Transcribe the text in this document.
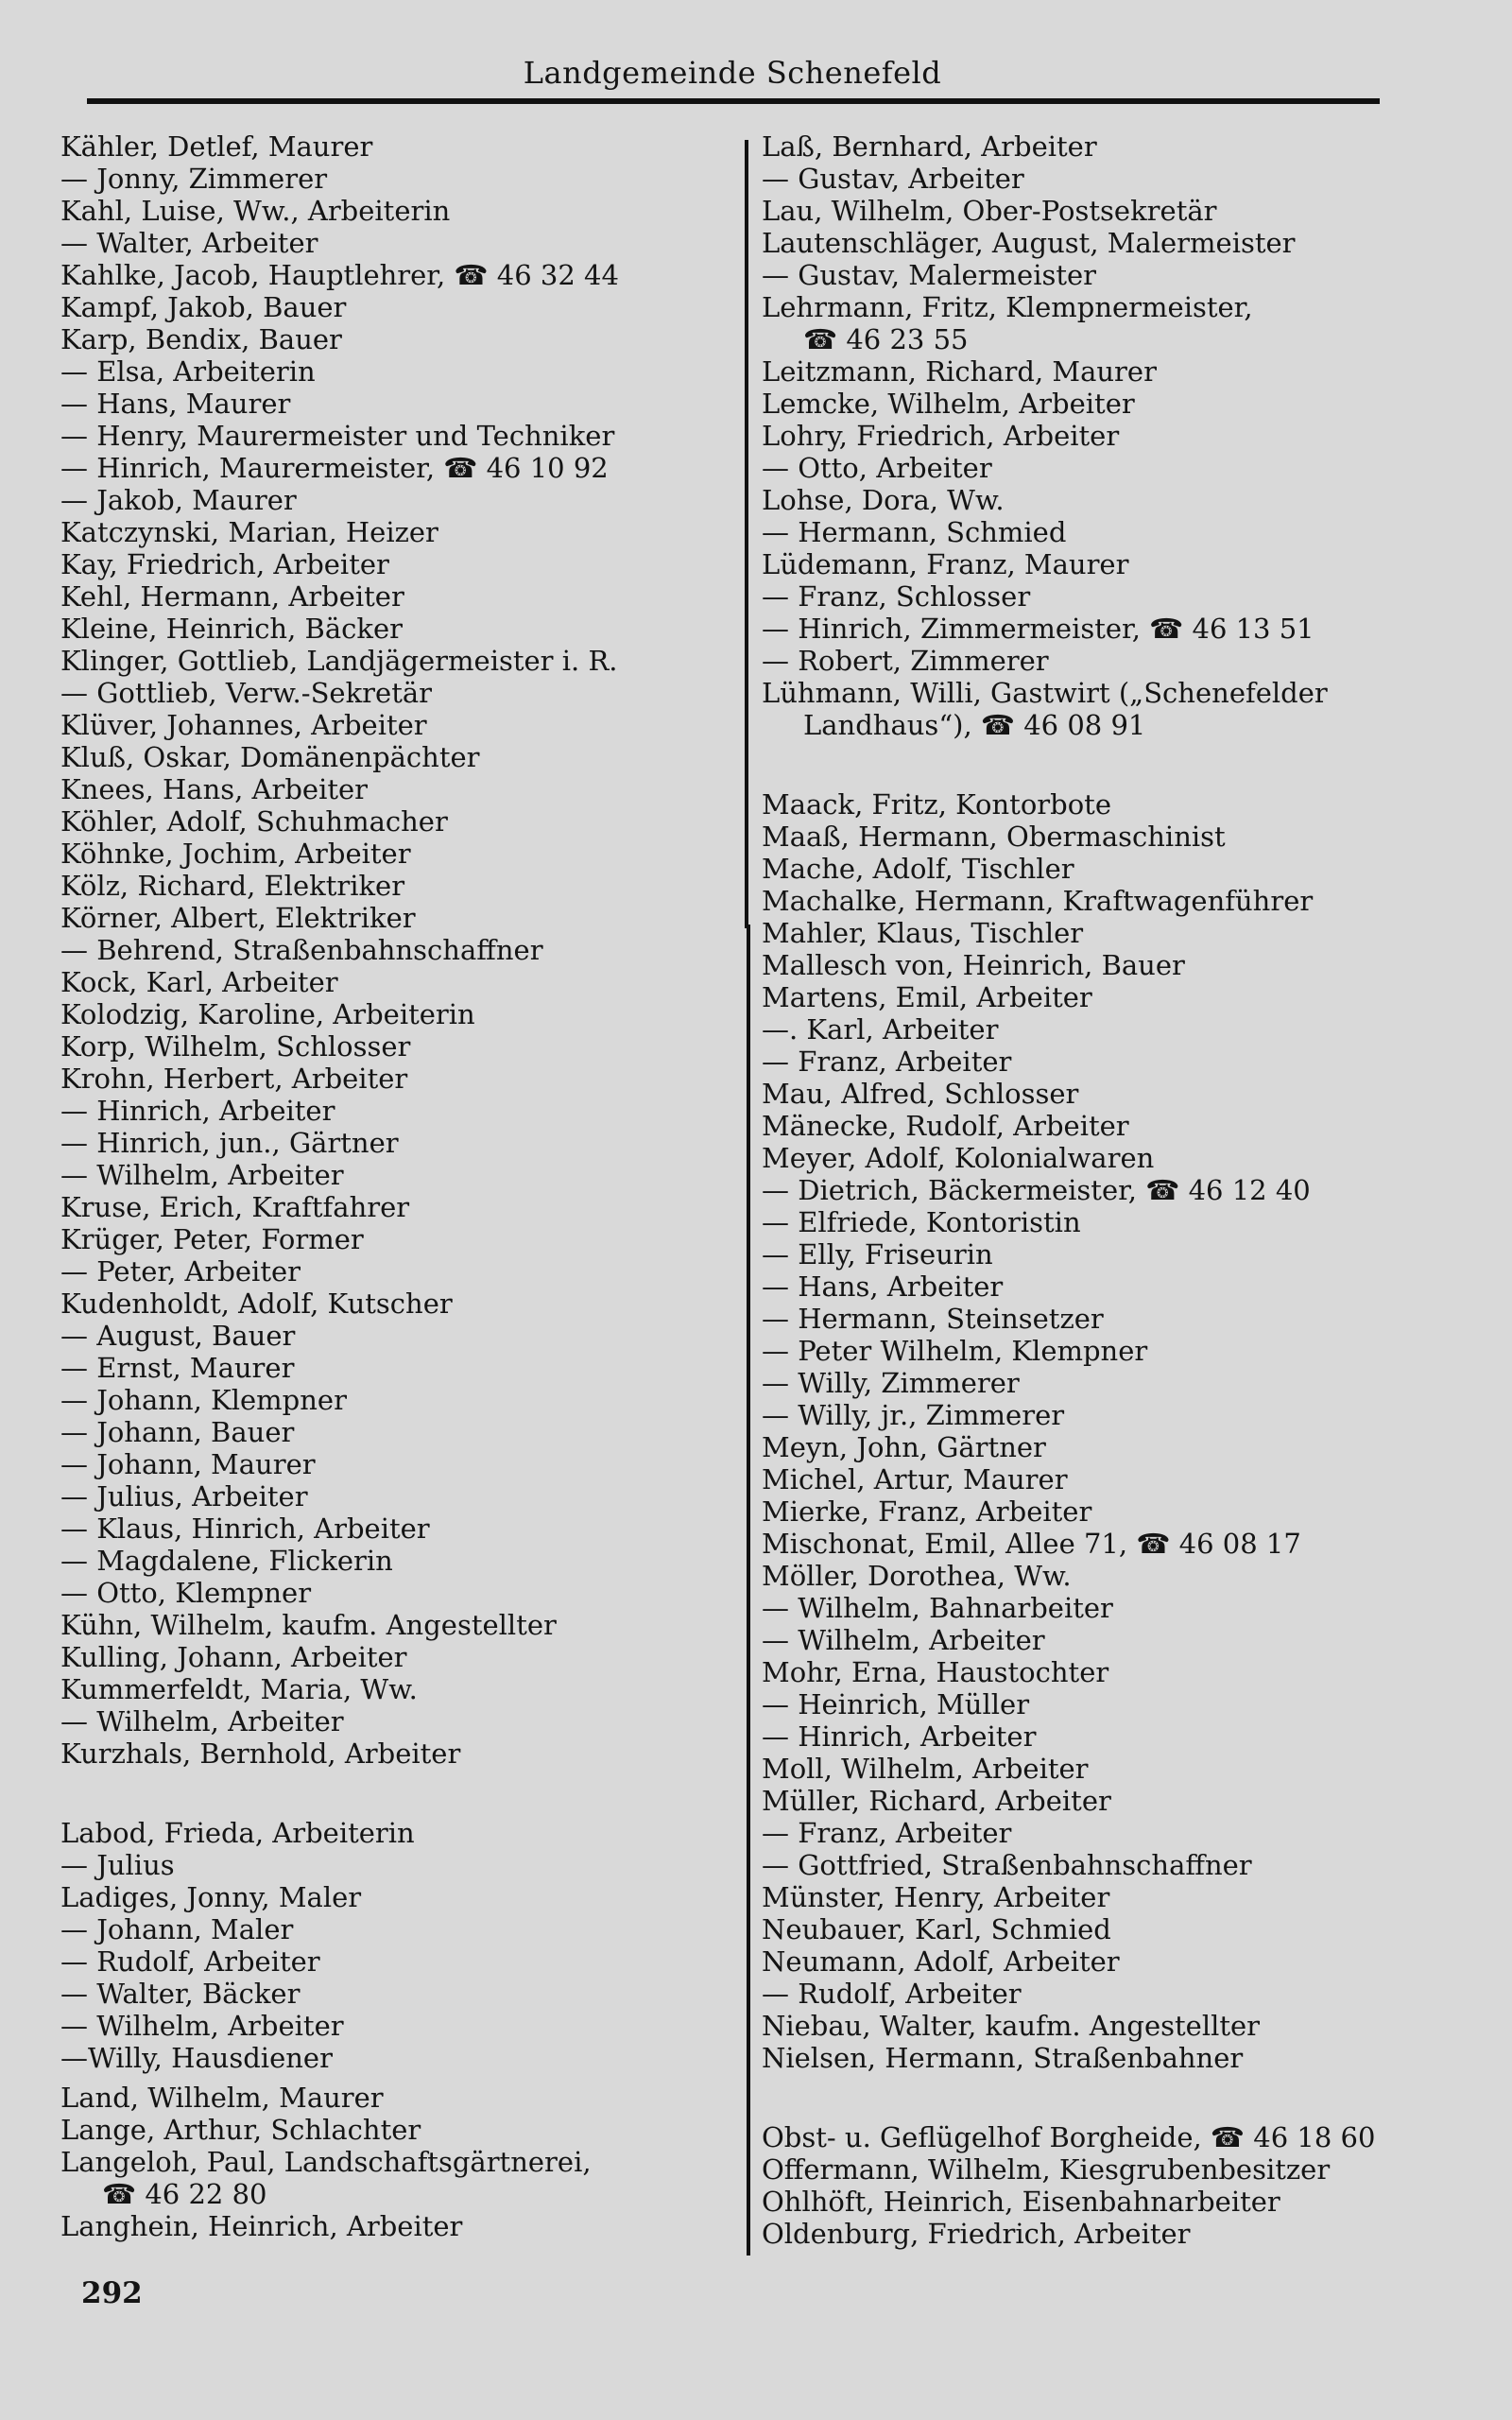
Landgemeinde Schenefeld
Kähler, Detlef, Maurer
— Jonny, Zimmerer
Kahl, Luise, Ww., Arbeiterin
— Walter, Arbeiter
Kahlke, Jacob, Hauptlehrer, ☎ 46 32 44
Kampf, Jakob, Bauer
Karp, Bendix, Bauer
— Elsa, Arbeiterin
— Hans, Maurer
— Henry, Maurermeister und Techniker
— Hinrich, Maurermeister, ☎ 46 10 92
— Jakob, Maurer
Katczynski, Marian, Heizer
Kay, Friedrich, Arbeiter
Kehl, Hermann, Arbeiter
Kleine, Heinrich, Bäcker
Klinger, Gottlieb, Landjägermeister i. R.
— Gottlieb, Verw.-Sekretär
Klüver, Johannes, Arbeiter
Kluß, Oskar, Domänenpächter
Knees, Hans, Arbeiter
Köhler, Adolf, Schuhmacher
Köhnke, Jochim, Arbeiter
Kölz, Richard, Elektriker
Körner, Albert, Elektriker
— Behrend, Straßenbahnschaffner
Kock, Karl, Arbeiter
Kolodzig, Karoline, Arbeiterin
Korp, Wilhelm, Schlosser
Krohn, Herbert, Arbeiter
— Hinrich, Arbeiter
— Hinrich, jun., Gärtner
— Wilhelm, Arbeiter
Kruse, Erich, Kraftfahrer
Krüger, Peter, Former
— Peter, Arbeiter
Kudenholdt, Adolf, Kutscher
— August, Bauer
— Ernst, Maurer
— Johann, Klempner
— Johann, Bauer
— Johann, Maurer
— Julius, Arbeiter
— Klaus, Hinrich, Arbeiter
— Magdalene, Flickerin
— Otto, Klempner
Kühn, Wilhelm, kaufm. Angestellter
Kulling, Johann, Arbeiter
Kummerfeldt, Maria, Ww.
— Wilhelm, Arbeiter
Kurzhals, Bernhold, Arbeiter
Labod, Frieda, Arbeiterin
— Julius
Ladiges, Jonny, Maler
— Johann, Maler
— Rudolf, Arbeiter
— Walter, Bäcker
— Wilhelm, Arbeiter
—Willy, Hausdiener
Land, Wilhelm, Maurer
Lange, Arthur, Schlachter
Langeloh, Paul, Landschaftsgärtnerei,
☎ 46 22 80
Langhein, Heinrich, Arbeiter
Laß, Bernhard, Arbeiter
— Gustav, Arbeiter
Lau, Wilhelm, Ober-Postsekretär
Lautenschläger, August, Malermeister
— Gustav, Malermeister
Lehrmann, Fritz, Klempnermeister,
☎ 46 23 55
Leitzmann, Richard, Maurer
Lemcke, Wilhelm, Arbeiter
Lohry, Friedrich, Arbeiter
— Otto, Arbeiter
Lohse, Dora, Ww.
— Hermann, Schmied
Lüdemann, Franz, Maurer
— Franz, Schlosser
— Hinrich, Zimmermeister, ☎ 46 13 51
— Robert, Zimmerer
Lühmann, Willi, Gastwirt („Schenefelder
Landhaus“), ☎ 46 08 91
Maack, Fritz, Kontorbote
Maaß, Hermann, Obermaschinist
Mache, Adolf, Tischler
Machalke, Hermann, Kraftwagenführer
Mahler, Klaus, Tischler
Mallesch von, Heinrich, Bauer
Martens, Emil, Arbeiter
—. Karl, Arbeiter
— Franz, Arbeiter
Mau, Alfred, Schlosser
Mänecke, Rudolf, Arbeiter
Meyer, Adolf, Kolonialwaren
— Dietrich, Bäckermeister, ☎ 46 12 40
— Elfriede, Kontoristin
— Elly, Friseurin
— Hans, Arbeiter
— Hermann, Steinsetzer
— Peter Wilhelm, Klempner
— Willy, Zimmerer
— Willy, jr., Zimmerer
Meyn, John, Gärtner
Michel, Artur, Maurer
Mierke, Franz, Arbeiter
Mischonat, Emil, Allee 71, ☎ 46 08 17
Möller, Dorothea, Ww.
— Wilhelm, Bahnarbeiter
— Wilhelm, Arbeiter
Mohr, Erna, Haustochter
— Heinrich, Müller
— Hinrich, Arbeiter
Moll, Wilhelm, Arbeiter
Müller, Richard, Arbeiter
— Franz, Arbeiter
— Gottfried, Straßenbahnschaffner
Münster, Henry, Arbeiter
Neubauer, Karl, Schmied
Neumann, Adolf, Arbeiter
— Rudolf, Arbeiter
Niebau, Walter, kaufm. Angestellter
Nielsen, Hermann, Straßenbahner
Obst- u. Geflügelhof Borgheide, ☎ 46 18 60
Offermann, Wilhelm, Kiesgrubenbesitzer
Ohlhöft, Heinrich, Eisenbahnarbeiter
Oldenburg, Friedrich, Arbeiter
292
